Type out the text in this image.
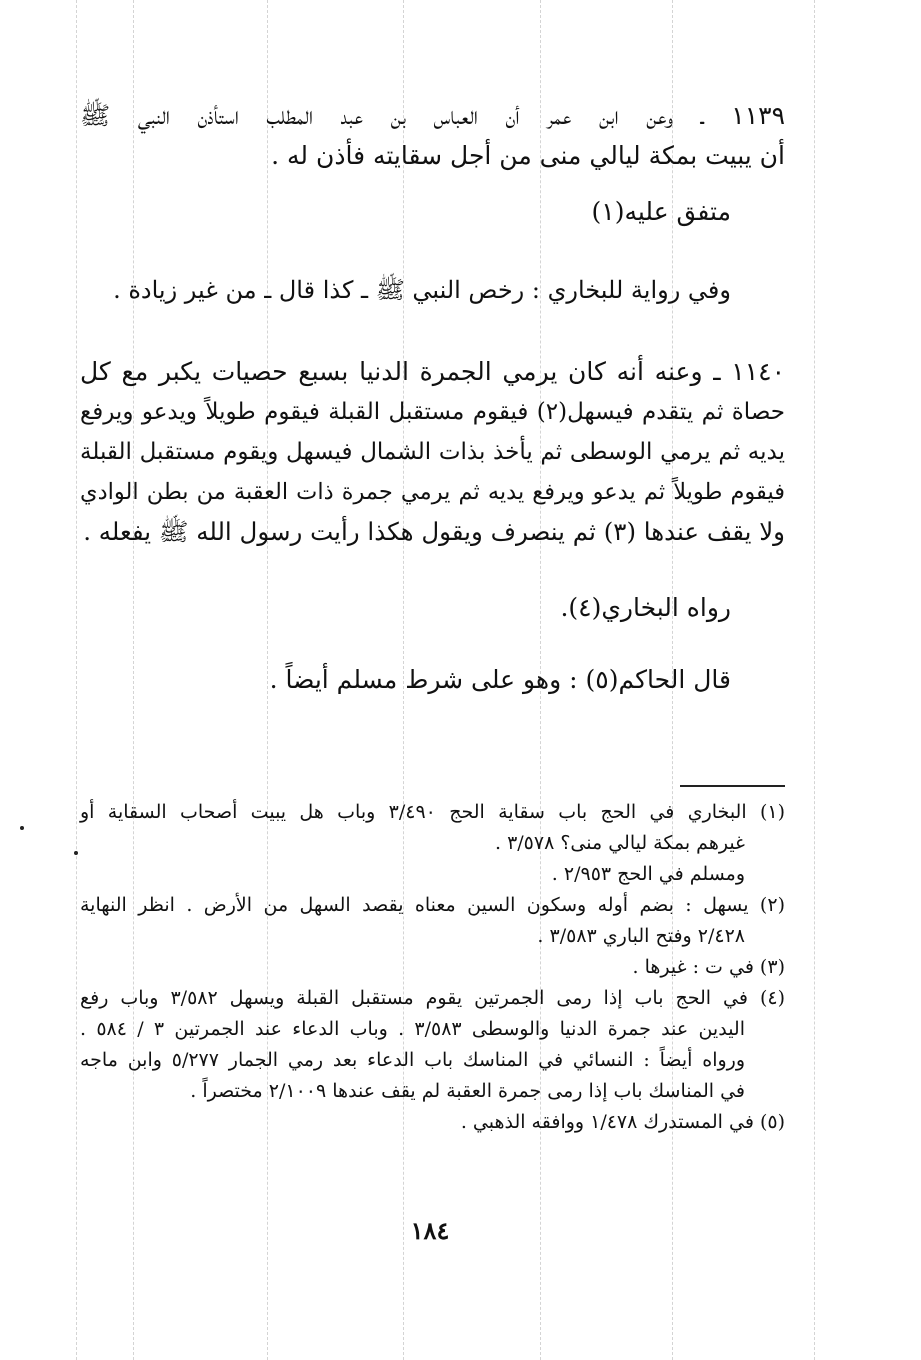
١١٣٩ ـ وعن ابن عمر أن العباس بن عبد المطلب استأذن النبي ﷺ
أن يبيت بمكة ليالي منى من أجل سقايته فأذن له .
متفق عليه(١)
وفي رواية للبخاري : رخص النبي ﷺ ـ كذا قال ـ من غير زيادة .
١١٤٠ ـ وعنه أنه كان يرمي الجمرة الدنيا بسبع حصيات يكبر مع كل
حصاة ثم يتقدم فيسهل(٢) فيقوم مستقبل القبلة فيقوم طويلاً ويدعو ويرفع
يديه ثم يرمي الوسطى ثم يأخذ بذات الشمال فيسهل ويقوم مستقبل القبلة
فيقوم طويلاً ثم يدعو ويرفع يديه ثم يرمي جمرة ذات العقبة من بطن الوادي
ولا يقف عندها (٣) ثم ينصرف ويقول هكذا رأيت رسول الله ﷺ يفعله .
رواه البخاري(٤).
قال الحاكم(٥) : وهو على شرط مسلم أيضاً .
(١) البخاري في الحج باب سقاية الحج ٣/٤٩٠ وباب هل يبيت أصحاب السقاية أو
غيرهم بمكة ليالي منى؟ ٣/٥٧٨ .
ومسلم في الحج ٢/٩٥٣ .
(٢) يسهل : بضم أوله وسكون السين معناه يقصد السهل من الأرض . انظر النهاية
٢/٤٢٨ وفتح الباري ٣/٥٨٣ .
(٣) في ت : غيرها .
(٤) في الحج باب إذا رمى الجمرتين يقوم مستقبل القبلة ويسهل ٣/٥٨٢ وباب رفع
اليدين عند جمرة الدنيا والوسطى ٣/٥٨٣ . وباب الدعاء عند الجمرتين ٣ / ٥٨٤ .
ورواه أيضاً : النسائي في المناسك باب الدعاء بعد رمي الجمار ٥/٢٧٧ وابن ماجه
في المناسك باب إذا رمى جمرة العقبة لم يقف عندها ٢/١٠٠٩ مختصراً .
(٥) في المستدرك ١/٤٧٨ ووافقه الذهبي .
١٨٤
